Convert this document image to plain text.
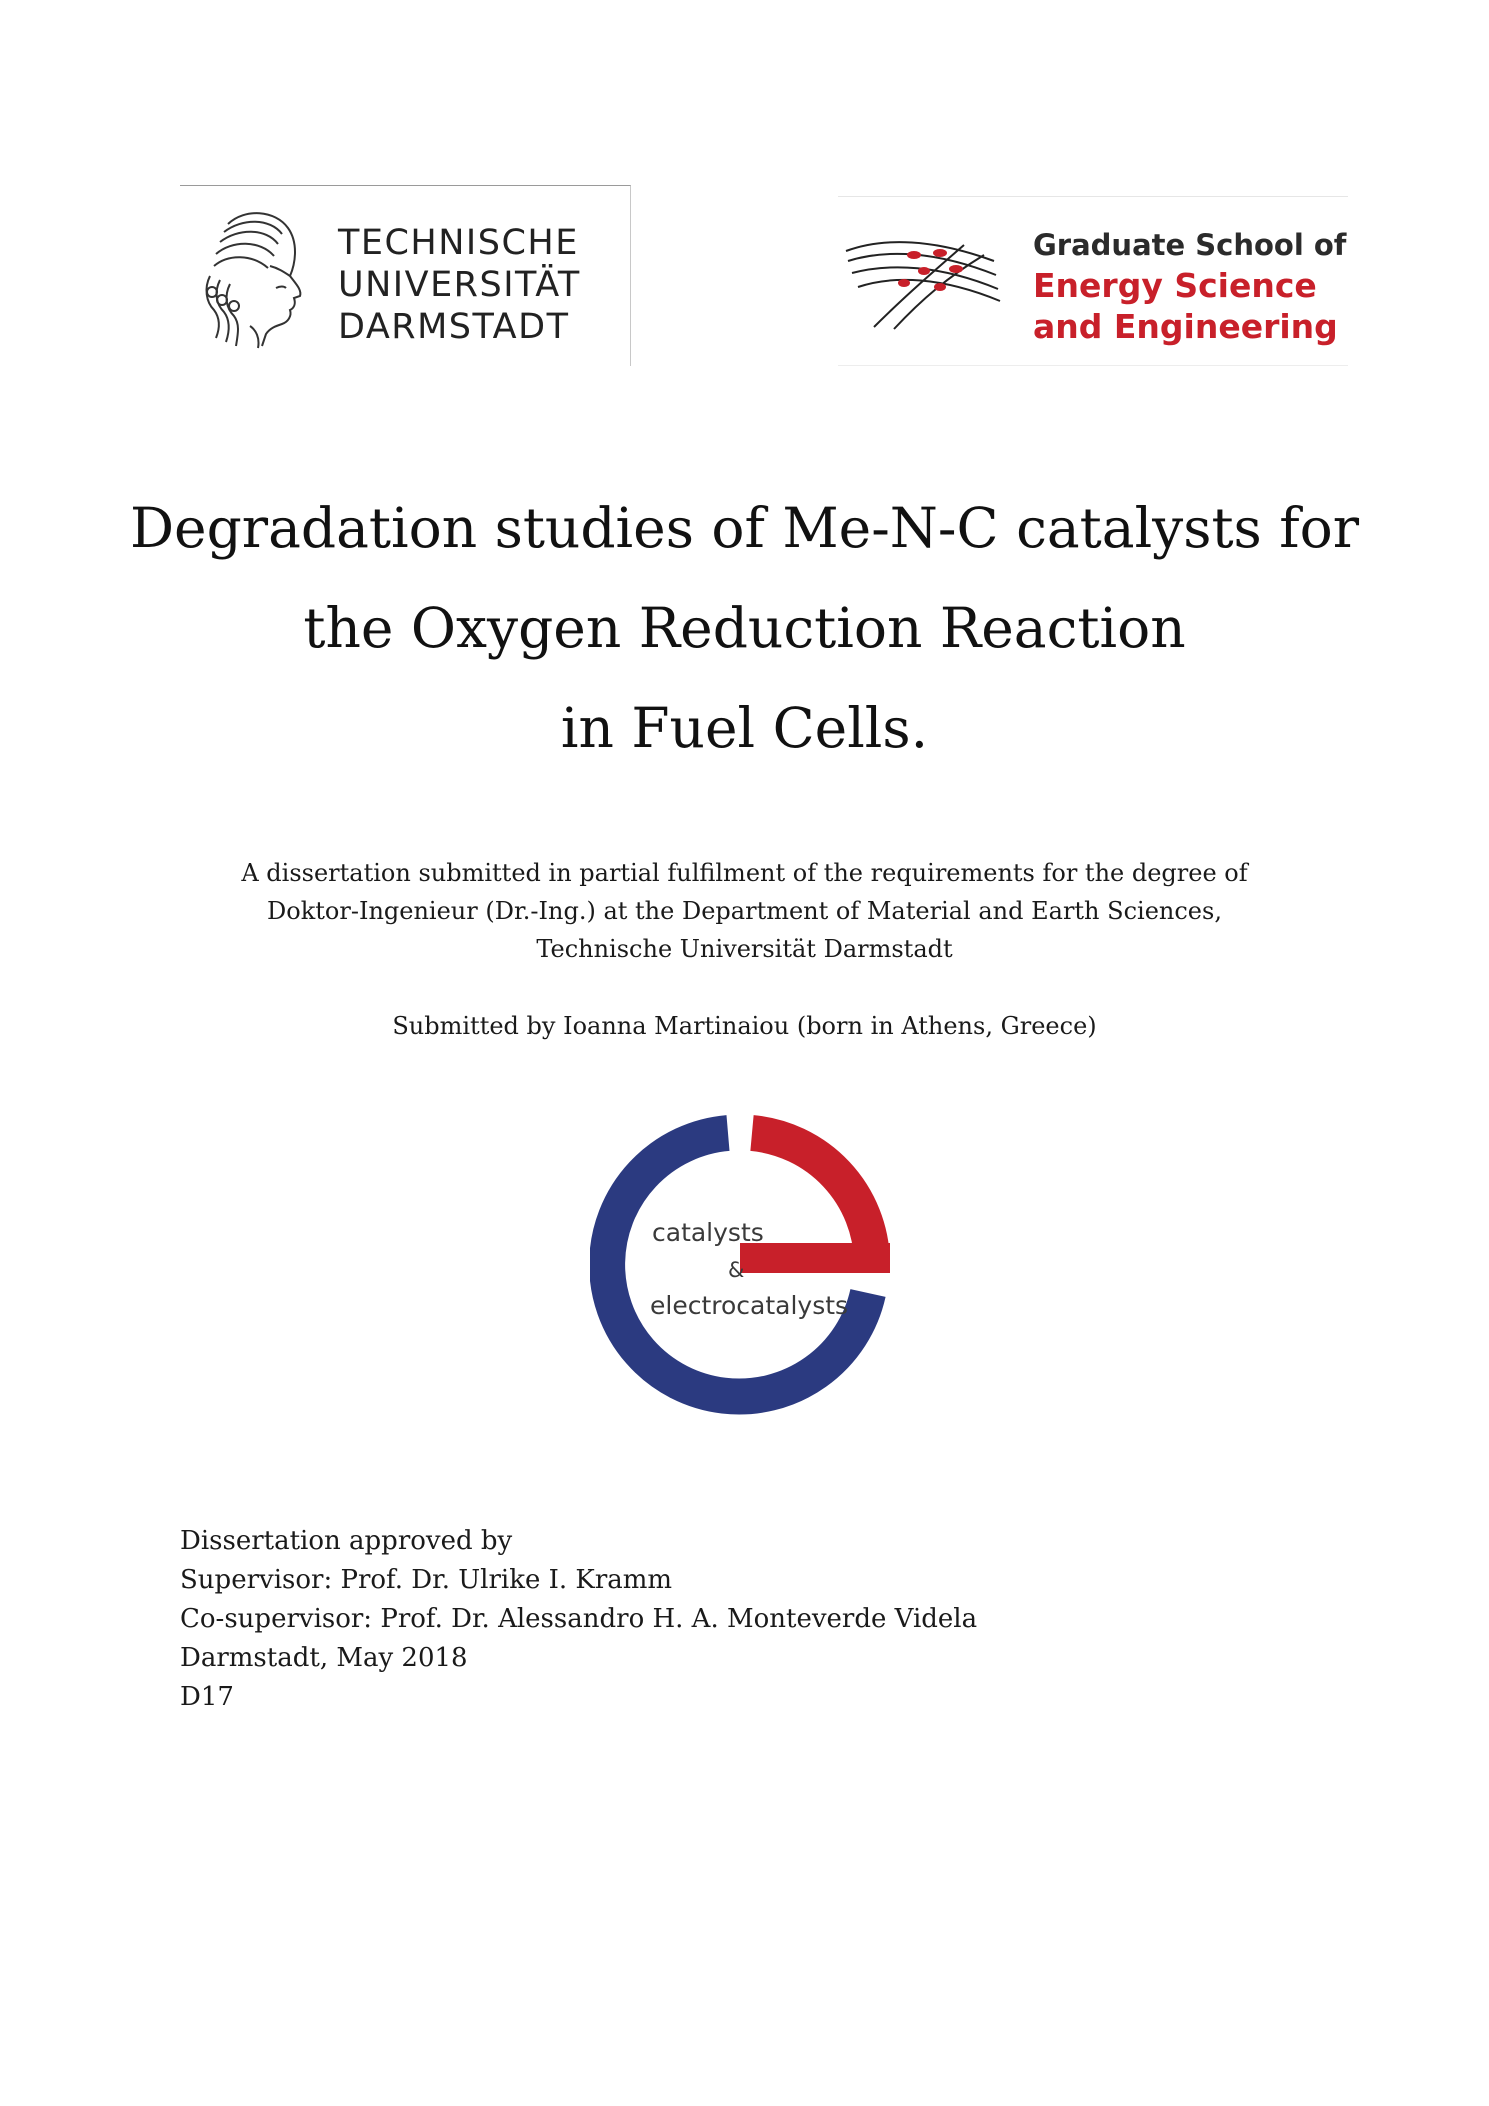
TECHNISCHE
UNIVERSITÄT
DARMSTADT
Graduate School of
Energy Science
and Engineering
Degradation studies of Me-N-C catalysts for
the Oxygen Reduction Reaction
in Fuel Cells.
A dissertation submitted in partial fulfilment of the requirements for the degree of
Doktor-Ingenieur (Dr.-Ing.) at the Department of Material and Earth Sciences,
Technische Universität Darmstadt
Submitted by Ioanna Martinaiou (born in Athens, Greece)
catalysts
&
electrocatalysts
Dissertation approved by
Supervisor: Prof. Dr. Ulrike I. Kramm
Co-supervisor: Prof. Dr. Alessandro H. A. Monteverde Videla
Darmstadt, May 2018
D17
